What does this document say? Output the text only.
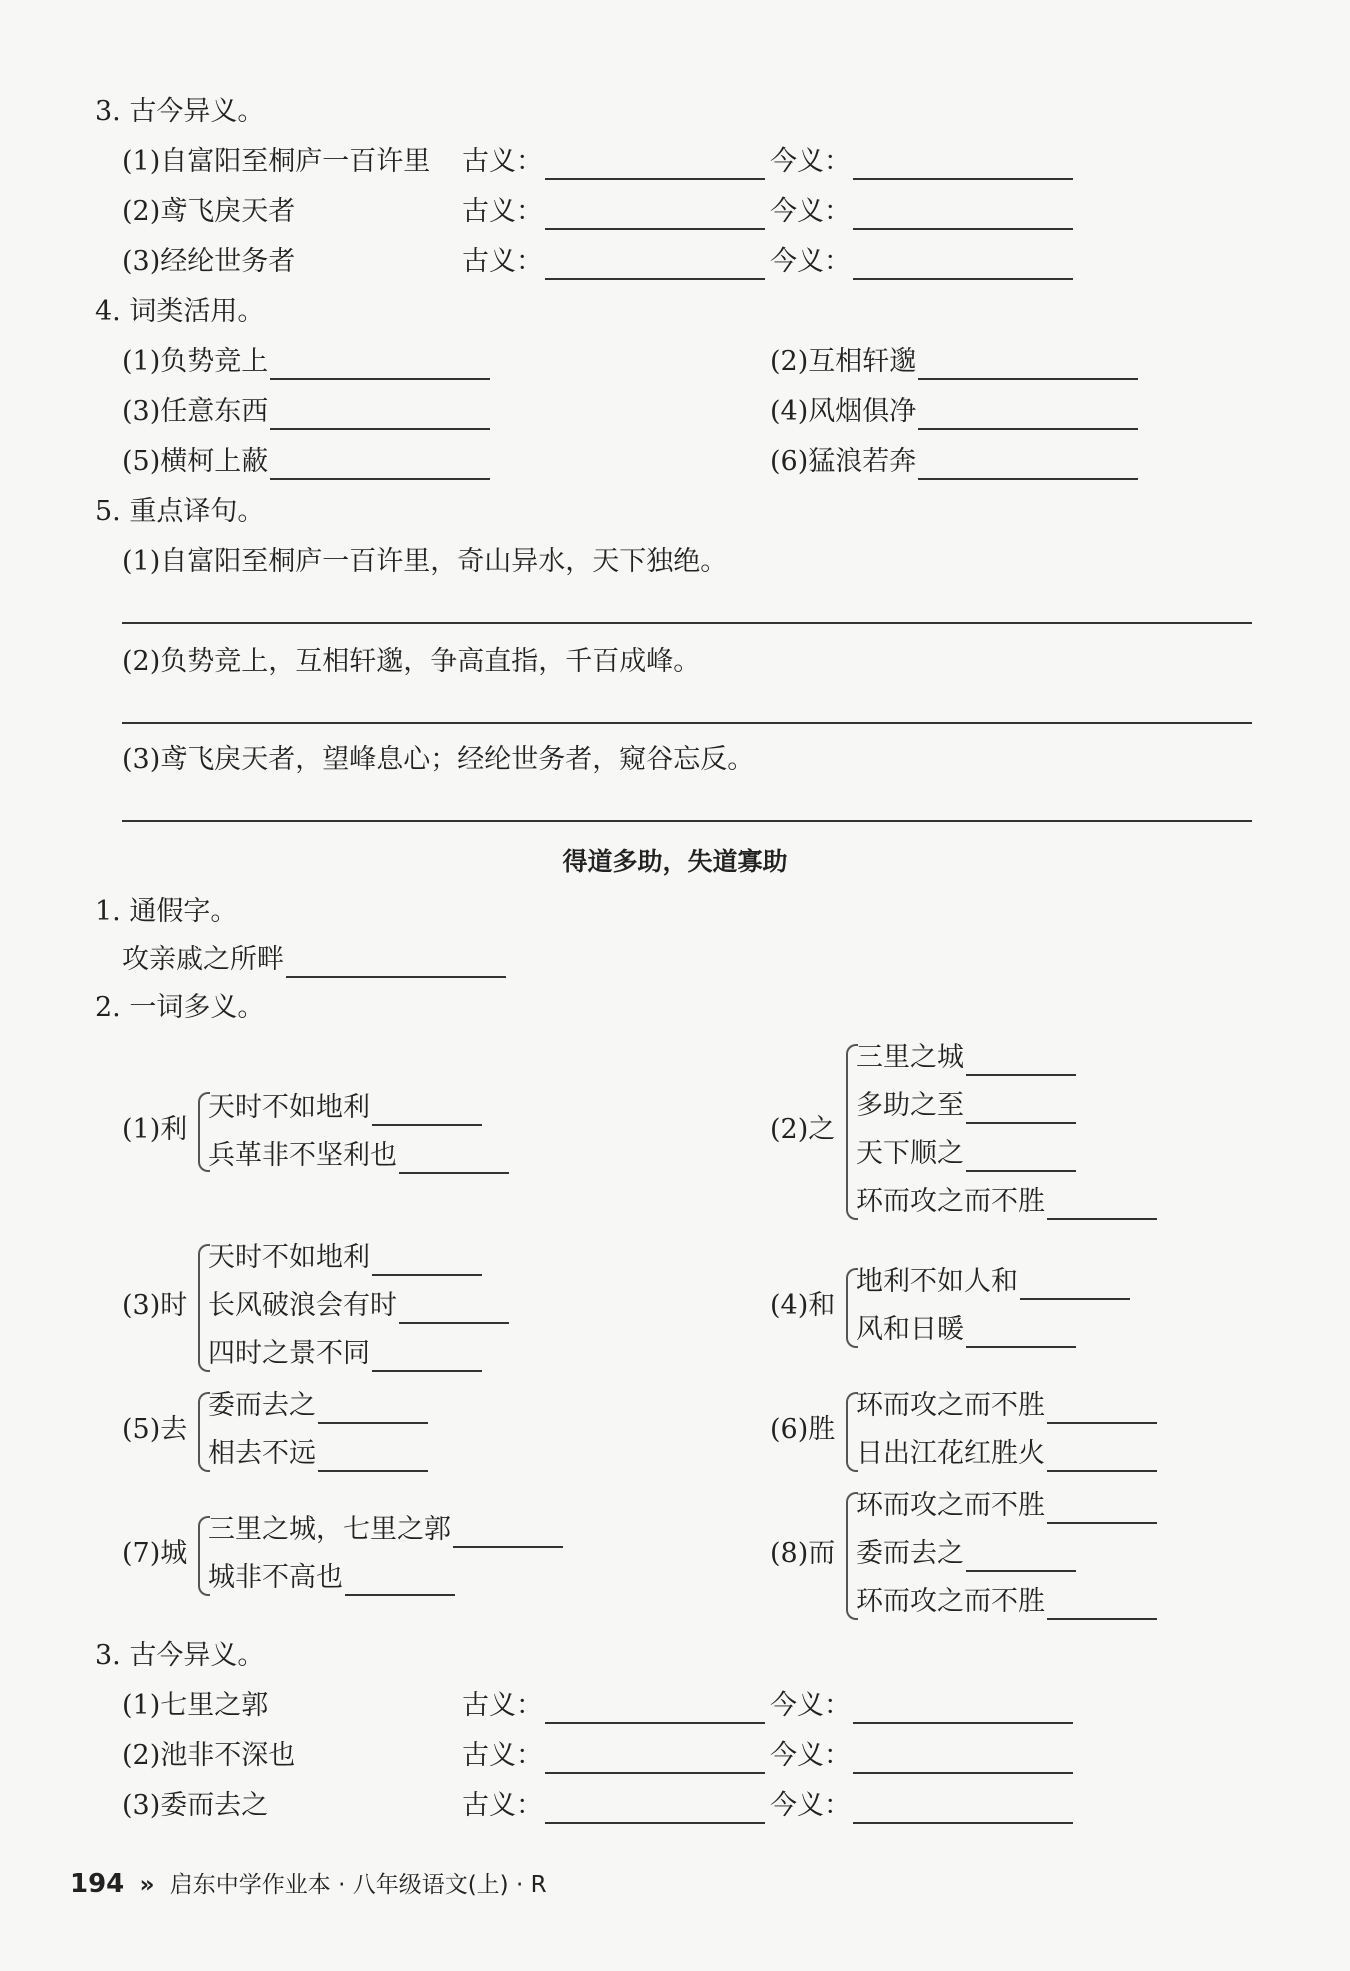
3. 古今异义。
(1)自富阳至桐庐一百许里 古义：	今义：
(2)鸢飞戾天者	古义：	今义：
(3)经纶世务者	古义：	今义：
4. 词类活用。
(1)负势竞上	(2)互相轩邈
(3)任意东西	(4)风烟俱净
(5)横柯上蔽	(6)猛浪若奔
5. 重点译句。
(1)自富阳至桐庐一百许里，奇山异水，天下独绝。
(2)负势竞上，互相轩邈，争高直指，千百成峰。
(3)鸢飞戾天者，望峰息心；经纶世务者，窥谷忘反。
得道多助，失道寡助
1. 通假字。
攻亲戚之所畔
2. 一词多义。
(1)利
天时不如地利
兵革非不坚利也
(2)之
三里之城
多助之至
天下顺之
环而攻之而不胜
(3)时
天时不如地利
长风破浪会有时
四时之景不同
(4)和
地利不如人和
风和日暖
(5)去
委而去之
相去不远
(6)胜
环而攻之而不胜
日出江花红胜火
(7)城
三里之城，七里之郭
城非不高也
(8)而
环而攻之而不胜
委而去之
环而攻之而不胜
3. 古今异义。
(1)七里之郭	古义：	今义：
(2)池非不深也	古义：	今义：
(3)委而去之	古义：	今义：
194 » 启东中学作业本 · 八年级语文(上) · R
